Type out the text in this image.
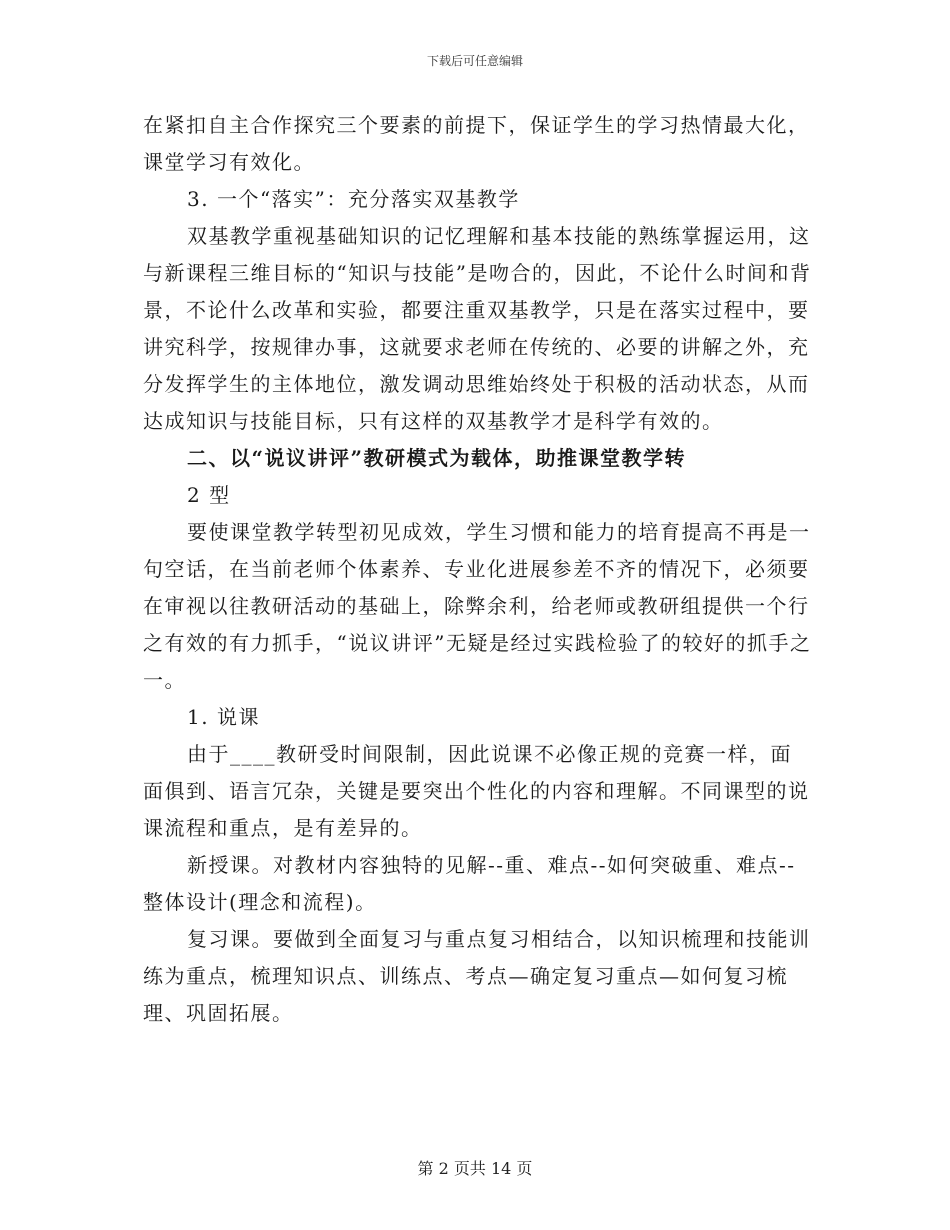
下载后可任意编辑

在紧扣自主合作探究三个要素的前提下，保证学生的学习热情最大化，课堂学习有效化。

3. 一个“落实”：充分落实双基教学

双基教学重视基础知识的记忆理解和基本技能的熟练掌握运用，这与新课程三维目标的“知识与技能”是吻合的，因此，不论什么时间和背景，不论什么改革和实验，都要注重双基教学，只是在落实过程中，要讲究科学，按规律办事，这就要求老师在传统的、必要的讲解之外，充分发挥学生的主体地位，激发调动思维始终处于积极的活动状态，从而达成知识与技能目标，只有这样的双基教学才是科学有效的。

二、以“说议讲评”教研模式为载体，助推课堂教学转

2 型

要使课堂教学转型初见成效，学生习惯和能力的培育提高不再是一句空话，在当前老师个体素养、专业化进展参差不齐的情况下，必须要在审视以往教研活动的基础上，除弊余利，给老师或教研组提供一个行之有效的有力抓手，“说议讲评”无疑是经过实践检验了的较好的抓手之一。

1. 说课

由于____教研受时间限制，因此说课不必像正规的竞赛一样，面面俱到、语言冗杂，关键是要突出个性化的内容和理解。不同课型的说课流程和重点，是有差异的。

新授课。对教材内容独特的见解--重、难点--如何突破重、难点--整体设计(理念和流程)。

复习课。要做到全面复习与重点复习相结合，以知识梳理和技能训练为重点，梳理知识点、训练点、考点—确定复习重点—如何复习梳理、巩固拓展。

第 2 页共 14 页
